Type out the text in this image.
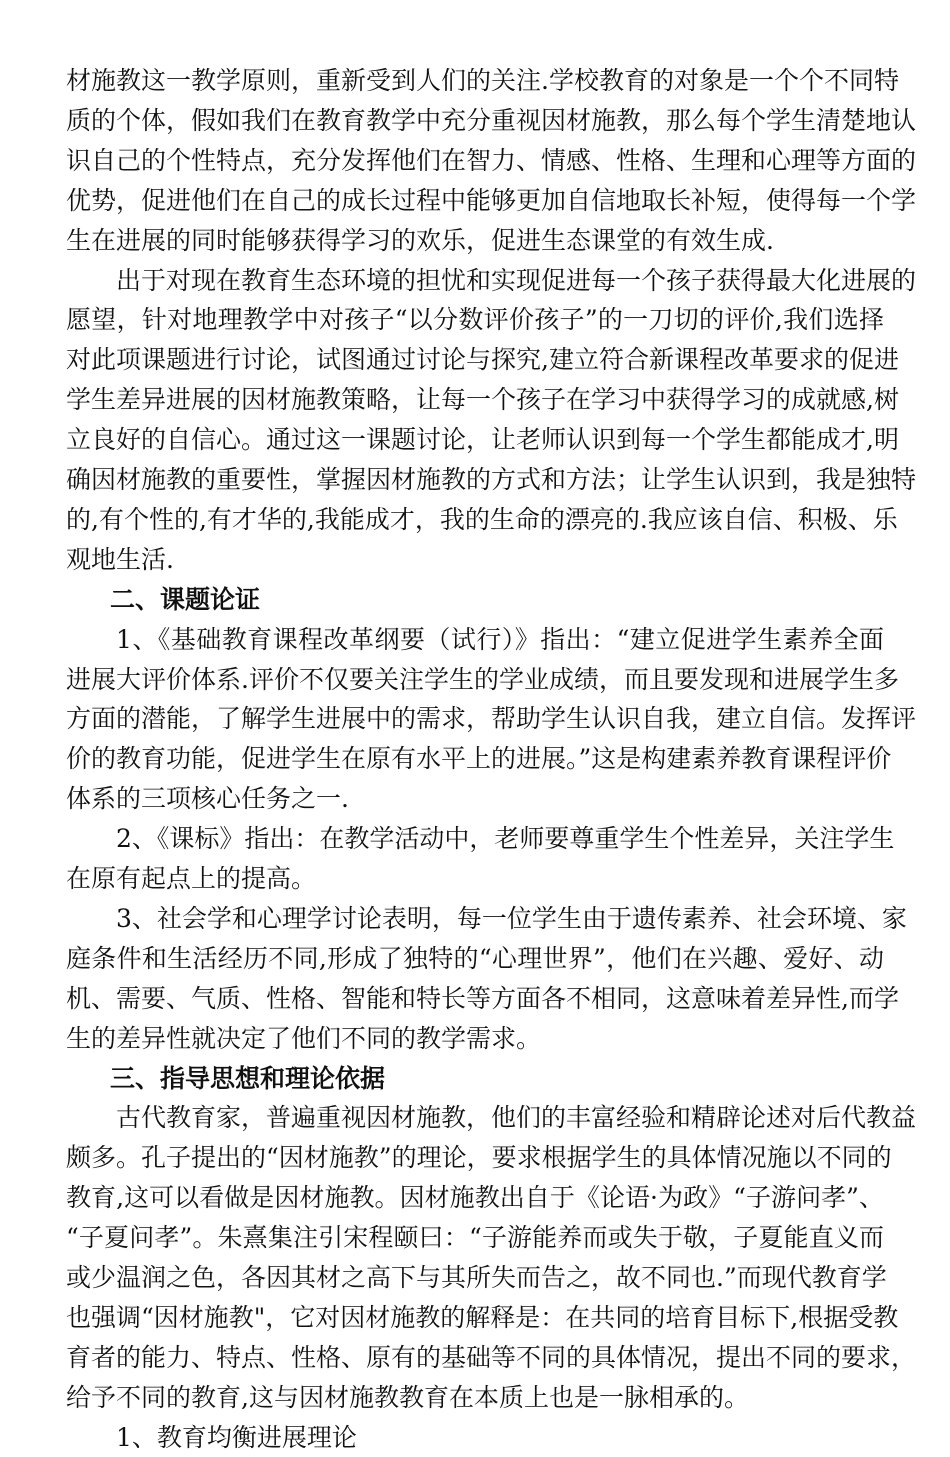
材施教这一教学原则，重新受到人们的关注.学校教育的对象是一个个不同特
质的个体，假如我们在教育教学中充分重视因材施教，那么每个学生清楚地认
识自己的个性特点，充分发挥他们在智力、情感、性格、生理和心理等方面的
优势，促进他们在自己的成长过程中能够更加自信地取长补短，使得每一个学
生在进展的同时能够获得学习的欢乐，促进生态课堂的有效生成.
出于对现在教育生态环境的担忧和实现促进每一个孩子获得最大化进展的
愿望，针对地理教学中对孩子“以分数评价孩子”的一刀切的评价,我们选择
对此项课题进行讨论，试图通过讨论与探究,建立符合新课程改革要求的促进
学生差异进展的因材施教策略，让每一个孩子在学习中获得学习的成就感,树
立良好的自信心。通过这一课题讨论，让老师认识到每一个学生都能成才,明
确因材施教的重要性，掌握因材施教的方式和方法；让学生认识到，我是独特
的,有个性的,有才华的,我能成才，我的生命的漂亮的.我应该自信、积极、乐
观地生活.
二、课题论证
1、《基础教育课程改革纲要（试行）》指出：“建立促进学生素养全面
进展大评价体系.评价不仅要关注学生的学业成绩，而且要发现和进展学生多
方面的潜能，了解学生进展中的需求，帮助学生认识自我，建立自信。发挥评
价的教育功能，促进学生在原有水平上的进展。”这是构建素养教育课程评价
体系的三项核心任务之一.
2、《课标》指出：在教学活动中，老师要尊重学生个性差异，关注学生
在原有起点上的提高。
3、社会学和心理学讨论表明，每一位学生由于遗传素养、社会环境、家
庭条件和生活经历不同,形成了独特的“心理世界”，他们在兴趣、爱好、动
机、需要、气质、性格、智能和特长等方面各不相同，这意味着差异性,而学
生的差异性就决定了他们不同的教学需求。
三、指导思想和理论依据
古代教育家，普遍重视因材施教，他们的丰富经验和精辟论述对后代教益
颇多。孔子提出的“因材施教”的理论，要求根据学生的具体情况施以不同的
教育,这可以看做是因材施教。因材施教出自于《论语·为政》“子游问孝”、
“子夏问孝”。朱熹集注引宋程颐曰：“子游能养而或失于敬，子夏能直义而
或少温润之色，各因其材之高下与其所失而告之，故不同也.”而现代教育学
也强调“因材施教"，它对因材施教的解释是：在共同的培育目标下,根据受教
育者的能力、特点、性格、原有的基础等不同的具体情况，提出不同的要求，
给予不同的教育,这与因材施教教育在本质上也是一脉相承的。
1、教育均衡进展理论
